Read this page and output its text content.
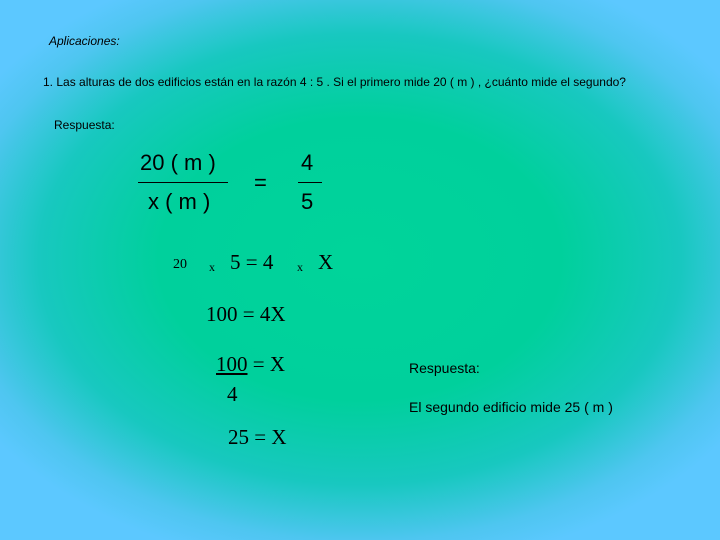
Aplicaciones:
1. Las alturas de dos edificios están en la razón 4 : 5 . Si el primero mide 20 ( m ) , ¿cuánto mide el segundo?
Respuesta:
20 ( m )
x ( m )
=
4
5
20 x 5 = 4 x X
100 = 4X
100 = X
4
25 = X
Respuesta:
El segundo edificio mide 25 ( m )
